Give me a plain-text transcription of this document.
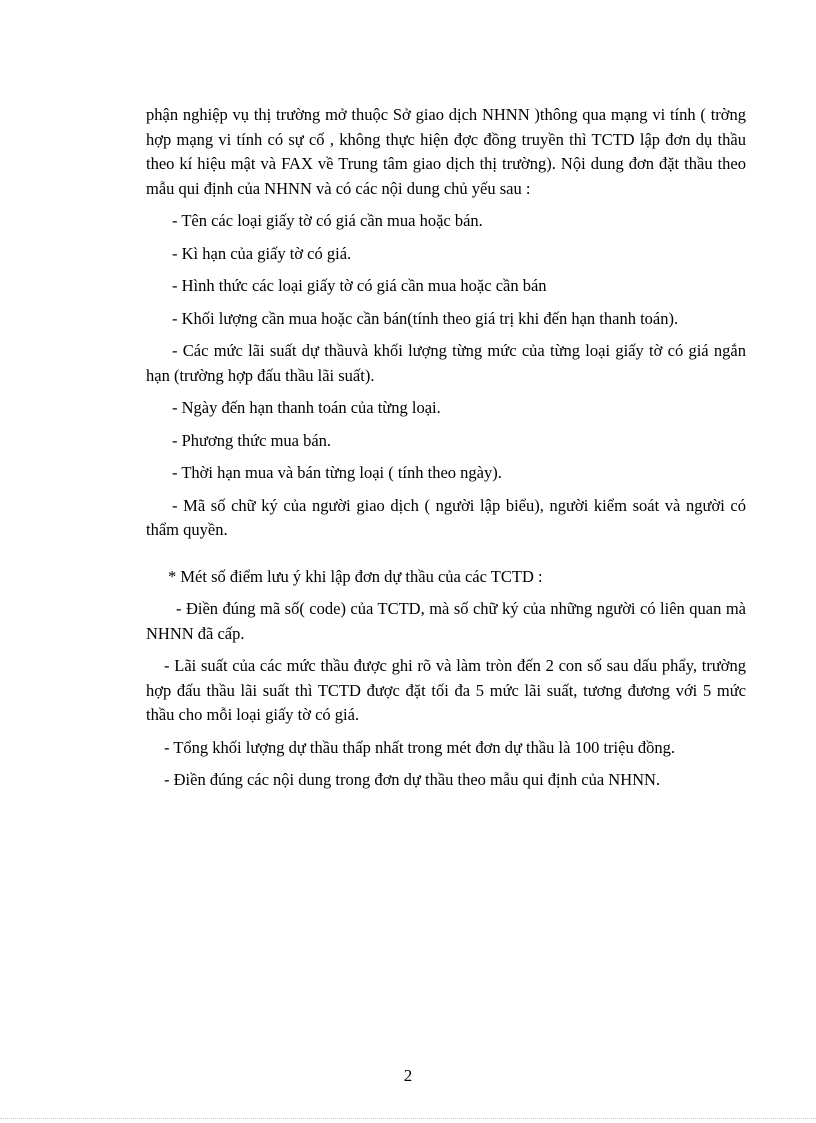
phận nghiệp vụ thị trường mở thuộc Sở giao dịch NHNN )thông qua mạng vi tính ( trờng hợp mạng vi tính có sự cố , không thực hiện đợc đồng truyền thì TCTD lập đơn dụ thầu theo kí hiệu mật và FAX về Trung tâm giao dịch thị trường). Nội dung đơn đặt thầu theo mẫu qui định của NHNN và có các nội dung chủ yếu sau :

- Tên các loại giấy tờ có giá cần mua hoặc bán.

- Kì hạn của giấy tờ có giá.

- Hình thức các loại giấy tờ có giá cần mua hoặc cần bán

- Khối lượng cần mua hoặc cần bán(tính theo giá trị khi đến hạn thanh toán).

- Các mức lãi suất dự thầuvà khối lượng từng mức của từng loại giấy tờ có giá ngắn hạn (trường hợp đấu thầu lãi suất).

- Ngày đến hạn thanh toán của từng loại.

- Phương thức mua bán.

- Thời hạn mua và bán từng loại ( tính theo ngày).

- Mã số chữ ký của người giao dịch ( người lập biểu), người kiểm soát và người có thẩm quyền.

* Mét số điểm lưu ý khi lập đơn dự thầu của các TCTD :

- Điền đúng mã số( code) của TCTD, mà số chữ ký của những người có liên quan mà NHNN đã cấp.

- Lãi suất của các mức thầu được ghi rõ và làm tròn đến 2 con số sau dấu phẩy, trường hợp đấu thầu lãi suất thì TCTD được đặt tối đa 5 mức lãi suất, tương đương với 5 mức thầu cho mỗi loại giấy tờ có giá.

- Tổng khối lượng dự thầu thấp nhất trong mét đơn dự thầu là 100 triệu đồng.

- Điền đúng các nội dung trong đơn dự thầu theo mẫu qui định của NHNN.

2
